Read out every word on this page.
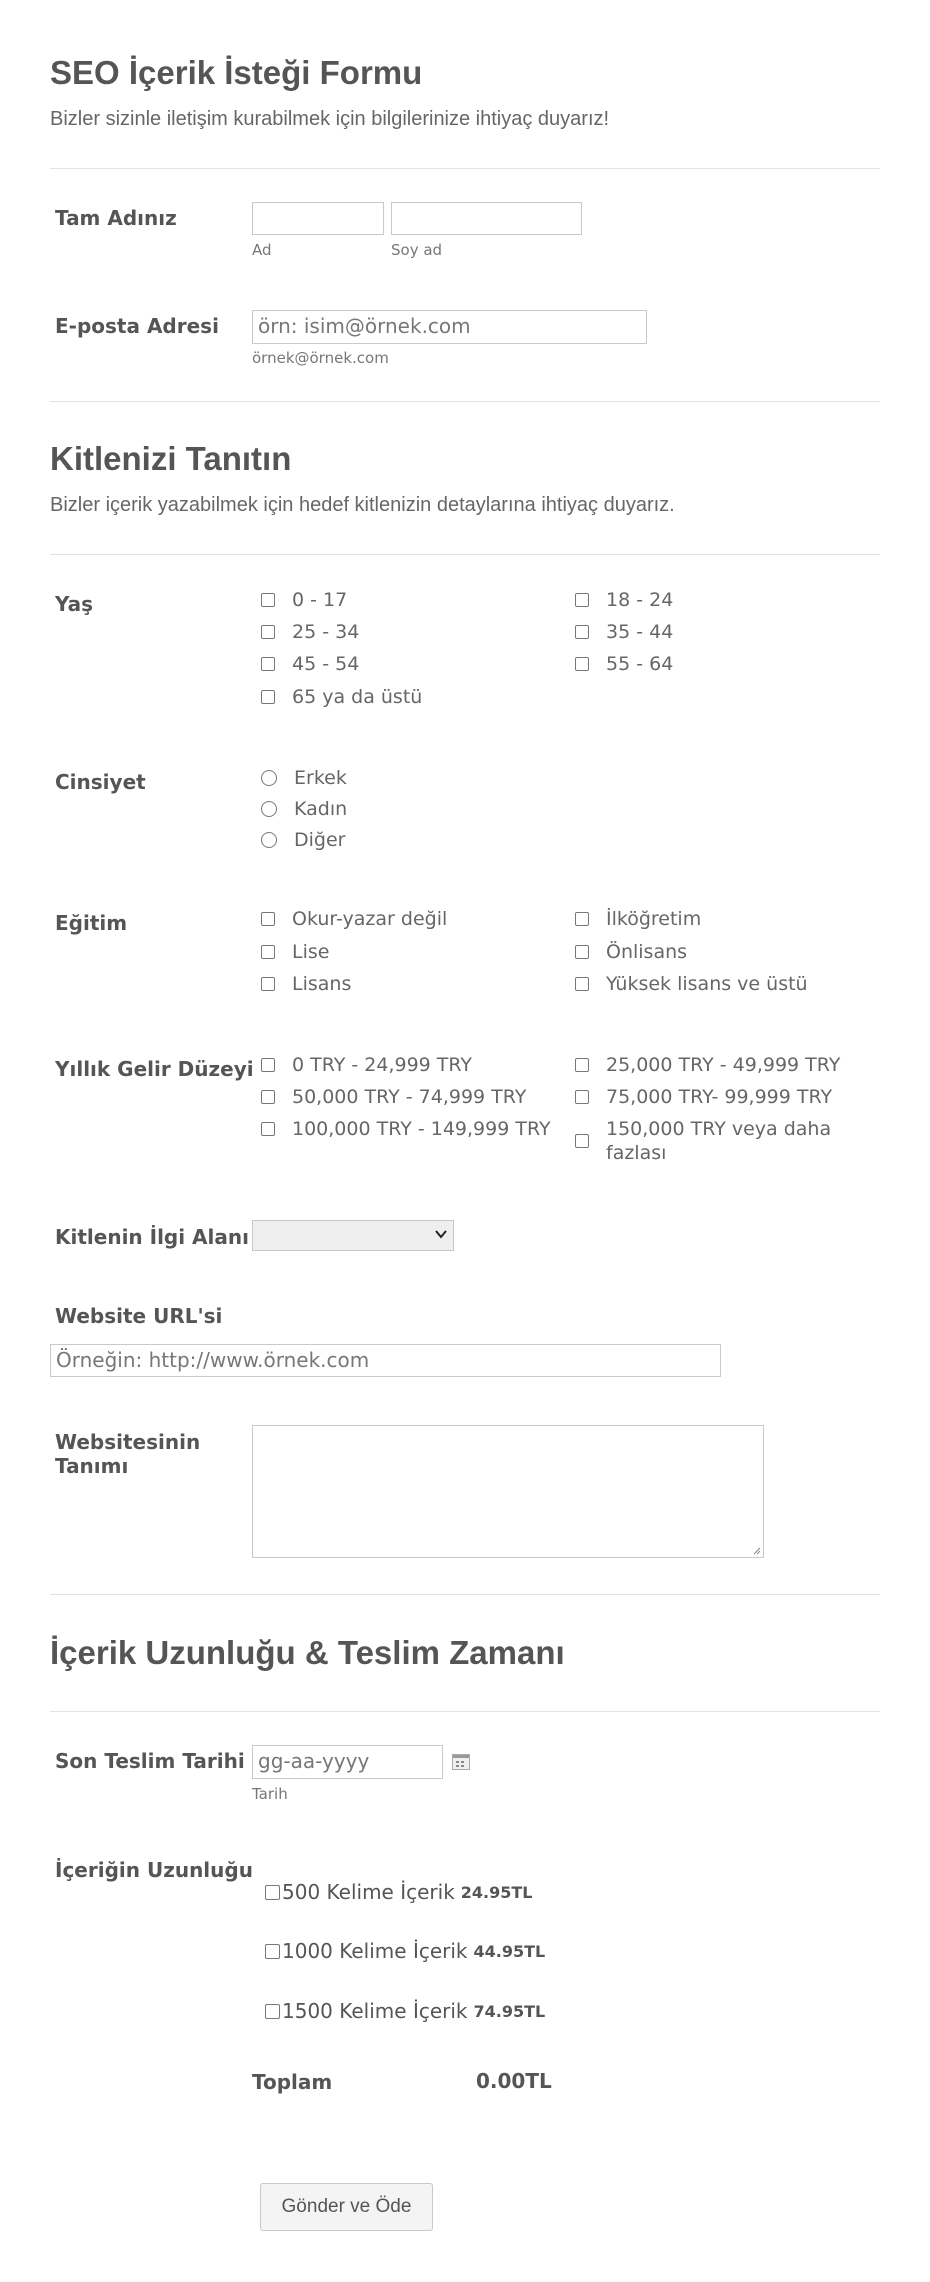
SEO İçerik İsteği Formu
Bizler sizinle iletişim kurabilmek için bilgilerinize ihtiyaç duyarız!
Tam Adınız
Ad	Soy ad
E-posta Adresi	örn: isim@örnek.com
örnek@örnek.com
Kitlenizi Tanıtın
Bizler içerik yazabilmek için hedef kitlenizin detaylarına ihtiyaç duyarız.
Yaş	0 - 17	18 - 24
25 - 34	35 - 44
45 - 54	55 - 64
65 ya da üstü
Cinsiyet	Erkek
Kadın
Diğer
Eğitim	Okur-yazar değil	İlköğretim
Lise	Önlisans
Lisans	Yüksek lisans ve üstü
Yıllık Gelir Düzeyi 0 TRY - 24,999 TRY	25,000 TRY - 49,999 TRY
50,000 TRY - 74,999 TRY	75,000 TRY- 99,999 TRY
100,000 TRY - 149,999 TRY	150,000 TRY veya daha fazlası
Kitlenin İlgi Alanı
Website URL'si
Örneğin: http://www.örnek.com
Websitesinin Tanımı
İçerik Uzunluğu & Teslim Zamanı
Son Teslim Tarihi gg-aa-yyyy
Tarih
İçeriğin Uzunluğu
500 Kelime İçerik 24.95TL
1000 Kelime İçerik 44.95TL
1500 Kelime İçerik 74.95TL
Toplam	0.00TL
Gönder ve Öde
